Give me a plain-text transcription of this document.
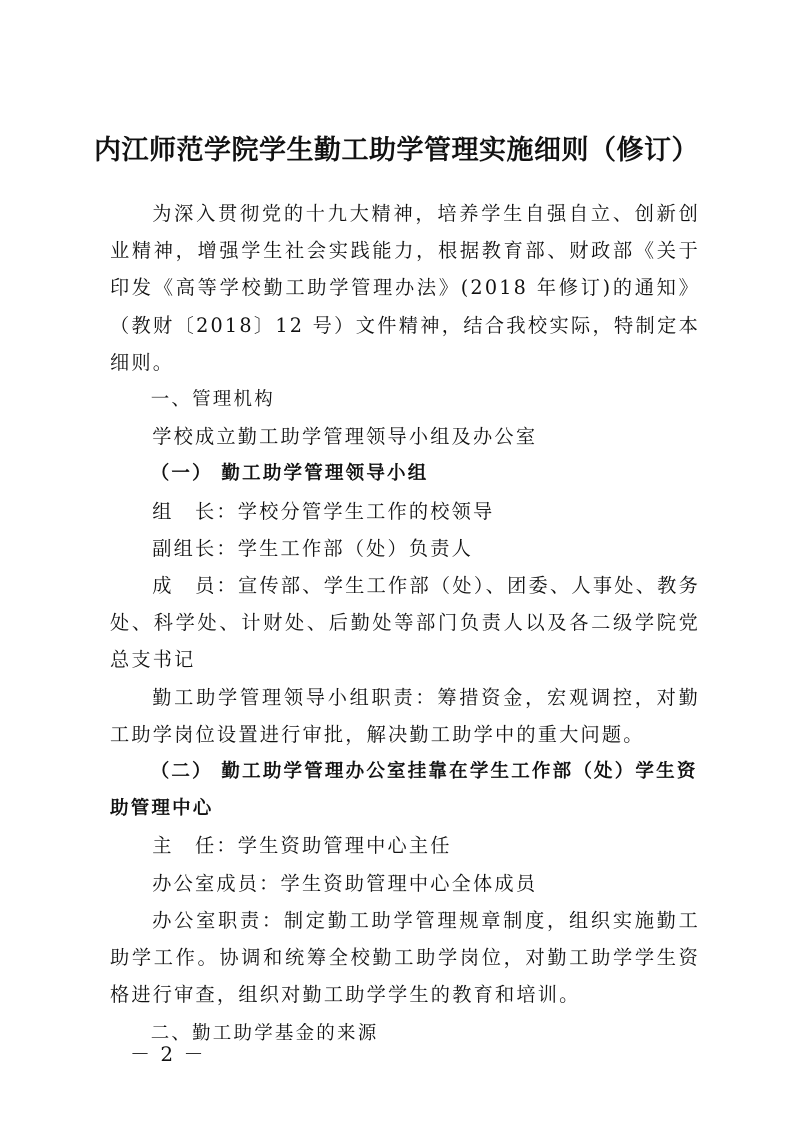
内江师范学院学生勤工助学管理实施细则（修订）

为深入贯彻党的十九大精神，培养学生自强自立、创新创业精神，增强学生社会实践能力，根据教育部、财政部《关于印发《高等学校勤工助学管理办法》(2018 年修订)的通知》（教财〔2018〕12 号）文件精神，结合我校实际，特制定本细则。

一、管理机构

学校成立勤工助学管理领导小组及办公室

（一） 勤工助学管理领导小组

组　长：学校分管学生工作的校领导

副组长：学生工作部（处）负责人

成　员：宣传部、学生工作部（处）、团委、人事处、教务处、科学处、计财处、后勤处等部门负责人以及各二级学院党总支书记

勤工助学管理领导小组职责：筹措资金，宏观调控，对勤工助学岗位设置进行审批，解决勤工助学中的重大问题。

（二） 勤工助学管理办公室挂靠在学生工作部（处）学生资助管理中心

主　任：学生资助管理中心主任

办公室成员：学生资助管理中心全体成员

办公室职责：制定勤工助学管理规章制度，组织实施勤工助学工作。协调和统筹全校勤工助学岗位，对勤工助学学生资格进行审查，组织对勤工助学学生的教育和培训。

二、勤工助学基金的来源

－ 2 －
